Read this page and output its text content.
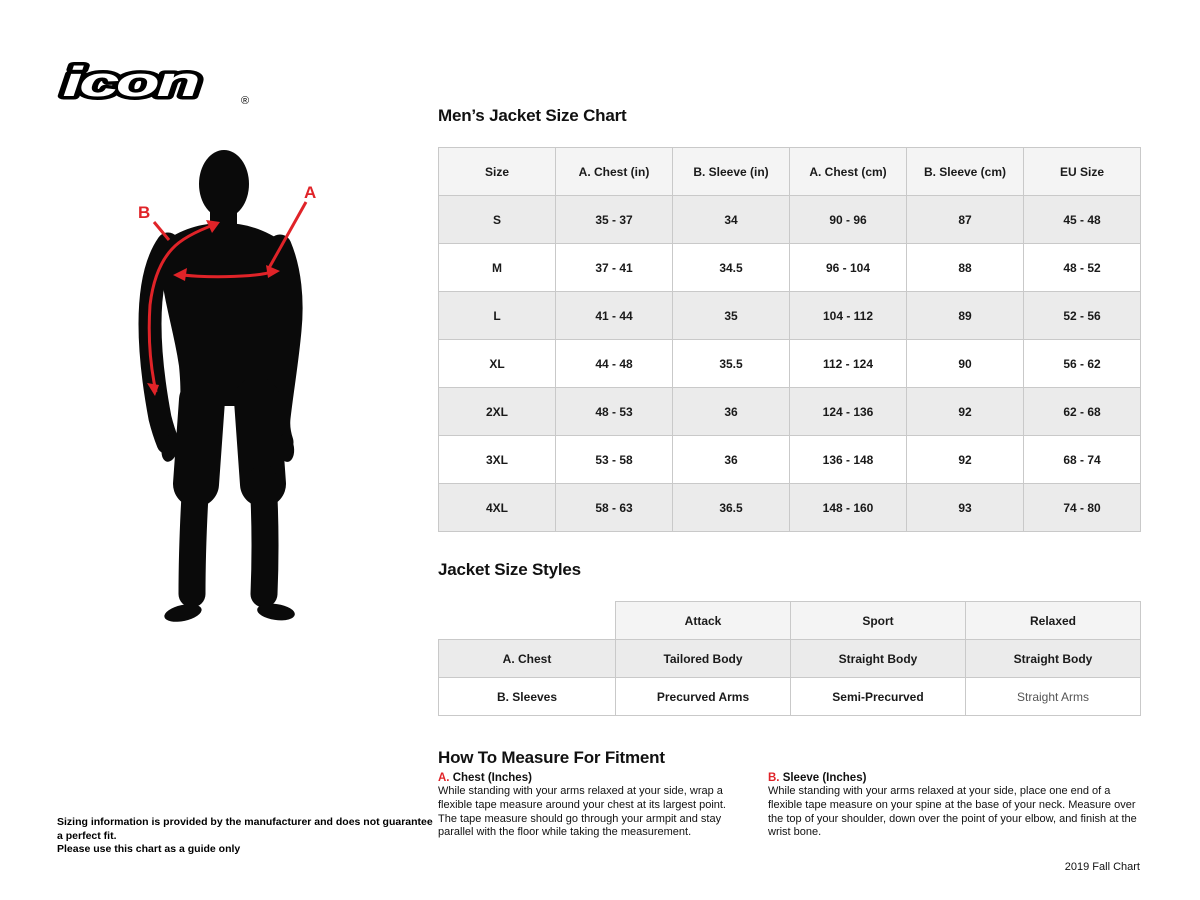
icon	®
A
B
Men’s Jacket Size Chart
Size	A. Chest (in)	B. Sleeve (in)	A. Chest (cm)	B. Sleeve (cm)	EU Size
S	35 - 37	34	90 - 96	87	45 - 48
M	37 - 41	34.5	96 - 104	88	48 - 52
L	41 - 44	35	104 - 112	89	52 - 56
XL	44 - 48	35.5	112 - 124	90	56 - 62
2XL	48 - 53	36	124 - 136	92	62 - 68
3XL	53 - 58	36	136 - 148	92	68 - 74
4XL	58 - 63	36.5	148 - 160	93	74 - 80
Jacket Size Styles
	Attack	Sport	Relaxed
A. Chest	Tailored Body	Straight Body	Straight Body
B. Sleeves	Precurved Arms	Semi-Precurved	Straight Arms
How To Measure For Fitment
A. Chest (Inches)
While standing with your arms relaxed at your side, wrap a flexible tape measure around your chest at its largest point. The tape measure should go through your armpit and stay parallel with the floor while taking the measurement.
B. Sleeve (Inches)
While standing with your arms relaxed at your side, place one end of a flexible tape measure on your spine at the base of your neck. Measure over the top of your shoulder, down over the point of your elbow, and finish at the wrist bone.
Sizing information is provided by the manufacturer and does not guarantee a perfect fit.
Please use this chart as a guide only
2019 Fall Chart
